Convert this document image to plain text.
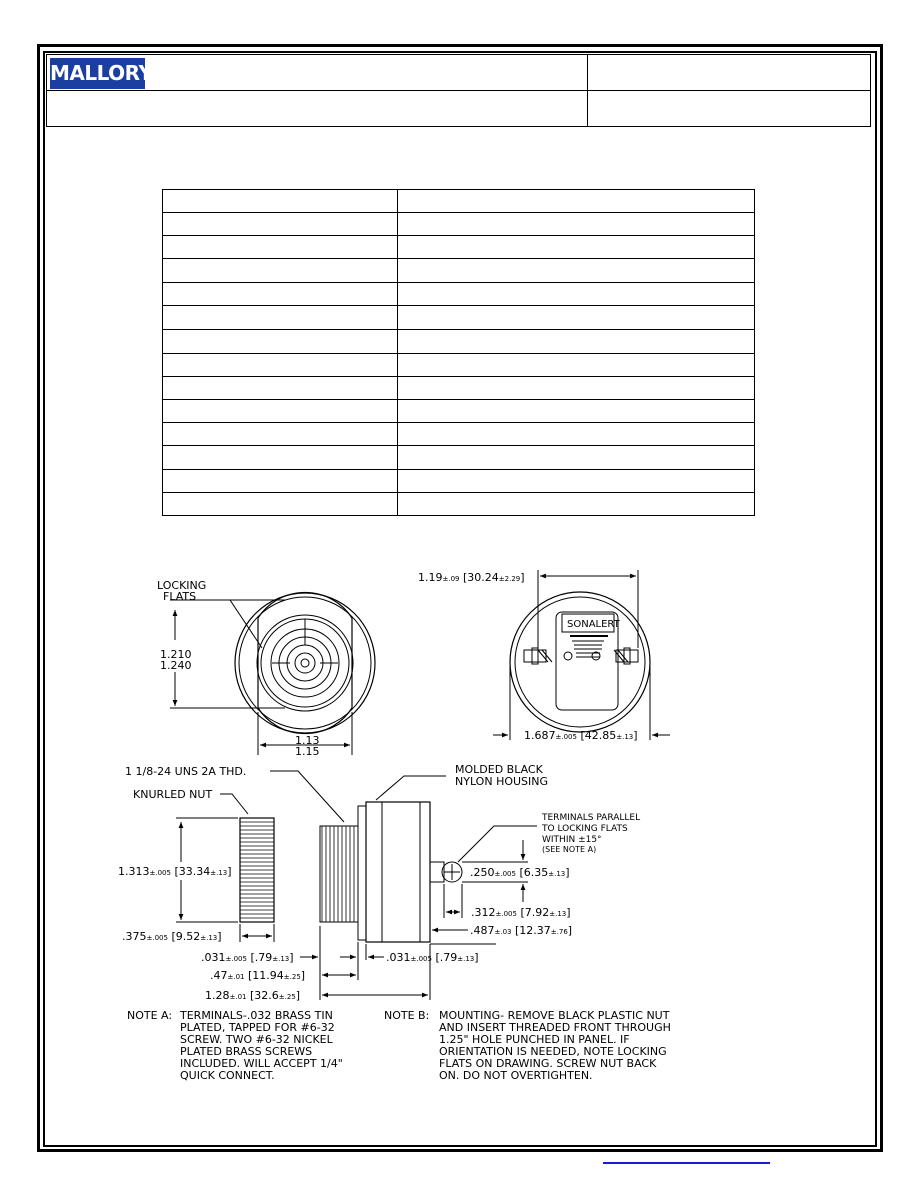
MALLORY
LOCKING
FLATS
1.210
1.240
1.13
1.15
SONALERT
1.19±.09 [30.24±2.29]
1.687±.005 [42.85±.13]
1 1/8-24 UNS 2A THD.	MOLDED BLACK
NYLON HOUSING
KNURLED NUT
TERMINALS PARALLEL
TO LOCKING FLATS
WITHIN ±15°
(SEE NOTE A)
1.313±.005 [33.34±.13]
.375±.005 [9.52±.13]
.250±.005 [6.35±.13]
.312±.005 [7.92±.13]
.487±.03 [12.37±.76]
.031±.005 [.79±.13]	.031±.005 [.79±.13]
.47±.01 [11.94±.25]
1.28±.01 [32.6±.25]
NOTE A: TERMINALS-.032 BRASS TIN
PLATED, TAPPED FOR #6-32
SCREW. TWO #6-32 NICKEL
PLATED BRASS SCREWS
INCLUDED. WILL ACCEPT 1/4"
QUICK CONNECT.
NOTE B: MOUNTING- REMOVE BLACK PLASTIC NUT
AND INSERT THREADED FRONT THROUGH
1.25" HOLE PUNCHED IN PANEL. IF
ORIENTATION IS NEEDED, NOTE LOCKING
FLATS ON DRAWING. SCREW NUT BACK
ON. DO NOT OVERTIGHTEN.
